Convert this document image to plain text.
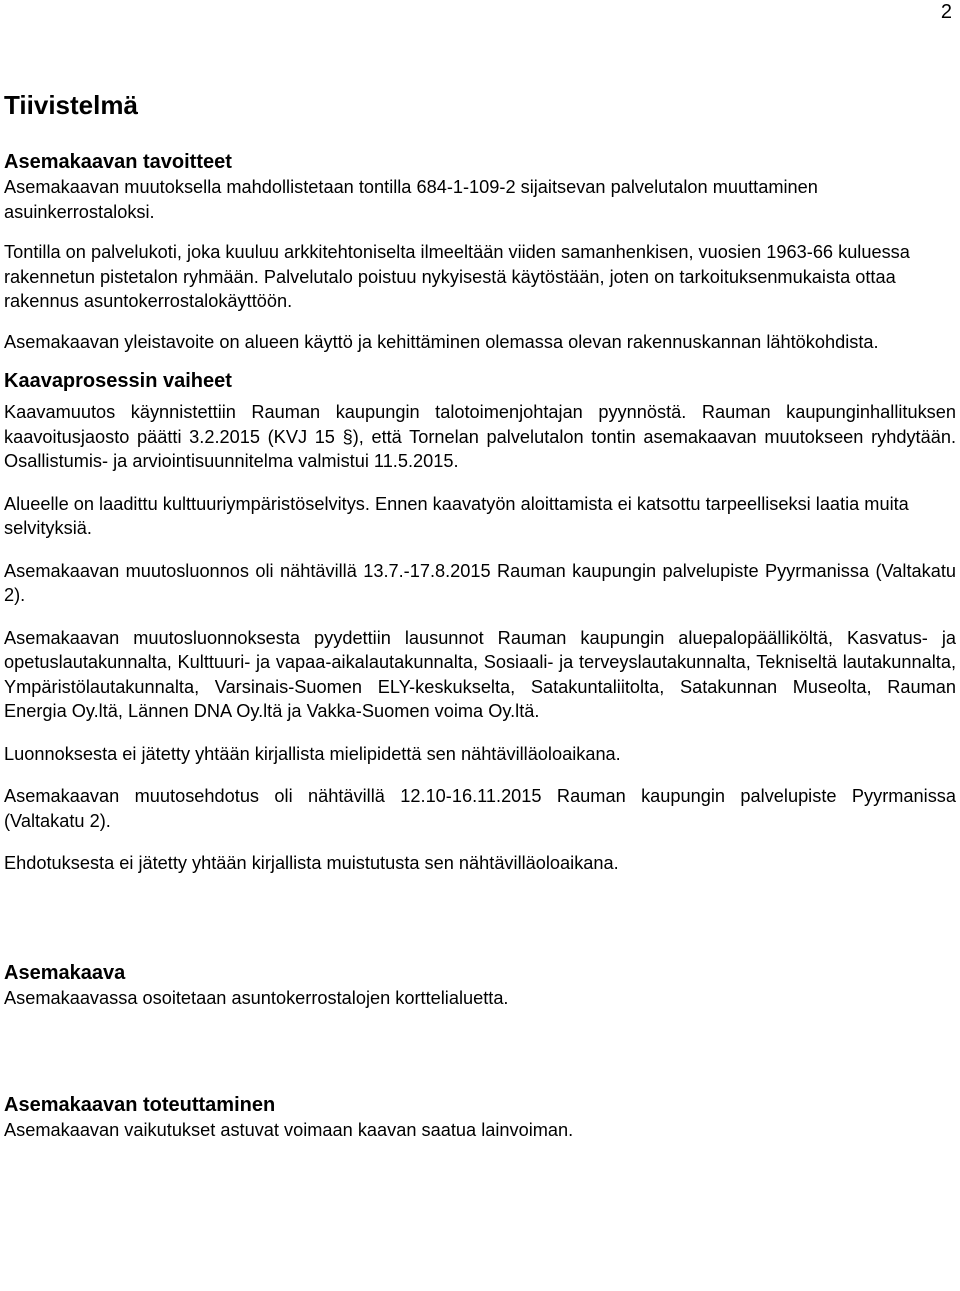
2
Tiivistelmä
Asemakaavan tavoitteet

Asemakaavan muutoksella mahdollistetaan tontilla 684-1-109-2 sijaitsevan palvelutalon muuttaminen asuinkerrostaloksi.

Tontilla on palvelukoti, joka kuuluu arkkitehtoniselta ilmeeltään viiden samanhenkisen, vuosien 1963-66 kuluessa rakennetun pistetalon ryhmään. Palvelutalo poistuu nykyisestä käytöstään, joten on tarkoituksenmukaista ottaa rakennus asuntokerrostalokäyttöön.

Asemakaavan yleistavoite on alueen käyttö ja kehittäminen olemassa olevan rakennuskannan lähtökohdista.

Kaavaprosessin vaiheet

Kaavamuutos käynnistettiin Rauman kaupungin talotoimenjohtajan pyynnöstä. Rauman kaupunginhallituksen kaavoitusjaosto päätti 3.2.2015 (KVJ 15 §), että Tornelan palvelutalon tontin asemakaavan muutokseen ryhdytään. Osallistumis- ja arviointisuunnitelma valmistui 11.5.2015.

Alueelle on laadittu kulttuuriympäristöselvitys. Ennen kaavatyön aloittamista ei katsottu tarpeelliseksi laatia muita selvityksiä.

Asemakaavan muutosluonnos oli nähtävillä 13.7.-17.8.2015 Rauman kaupungin palvelupiste Pyyrmanissa (Valtakatu 2).

Asemakaavan muutosluonnoksesta pyydettiin lausunnot Rauman kaupungin aluepalopäälliköltä, Kasvatus- ja opetuslautakunnalta, Kulttuuri- ja vapaa-aikalautakunnalta, Sosiaali- ja terveyslautakunnalta, Tekniseltä lautakunnalta, Ympäristölautakunnalta, Varsinais-Suomen ELY-keskukselta, Satakuntaliitolta, Satakunnan Museolta, Rauman Energia Oy.ltä, Lännen DNA Oy.ltä ja Vakka-Suomen voima Oy.ltä.

Luonnoksesta ei jätetty yhtään kirjallista mielipidettä sen nähtävilläoloaikana.

Asemakaavan muutosehdotus oli nähtävillä 12.10-16.11.2015 Rauman kaupungin palvelupiste Pyyrmanissa (Valtakatu 2).

Ehdotuksesta ei jätetty yhtään kirjallista muistutusta sen nähtävilläoloaikana.

Asemakaava

Asemakaavassa osoitetaan asuntokerrostalojen korttelialuetta.

Asemakaavan toteuttaminen

Asemakaavan vaikutukset astuvat voimaan kaavan saatua lainvoiman.
